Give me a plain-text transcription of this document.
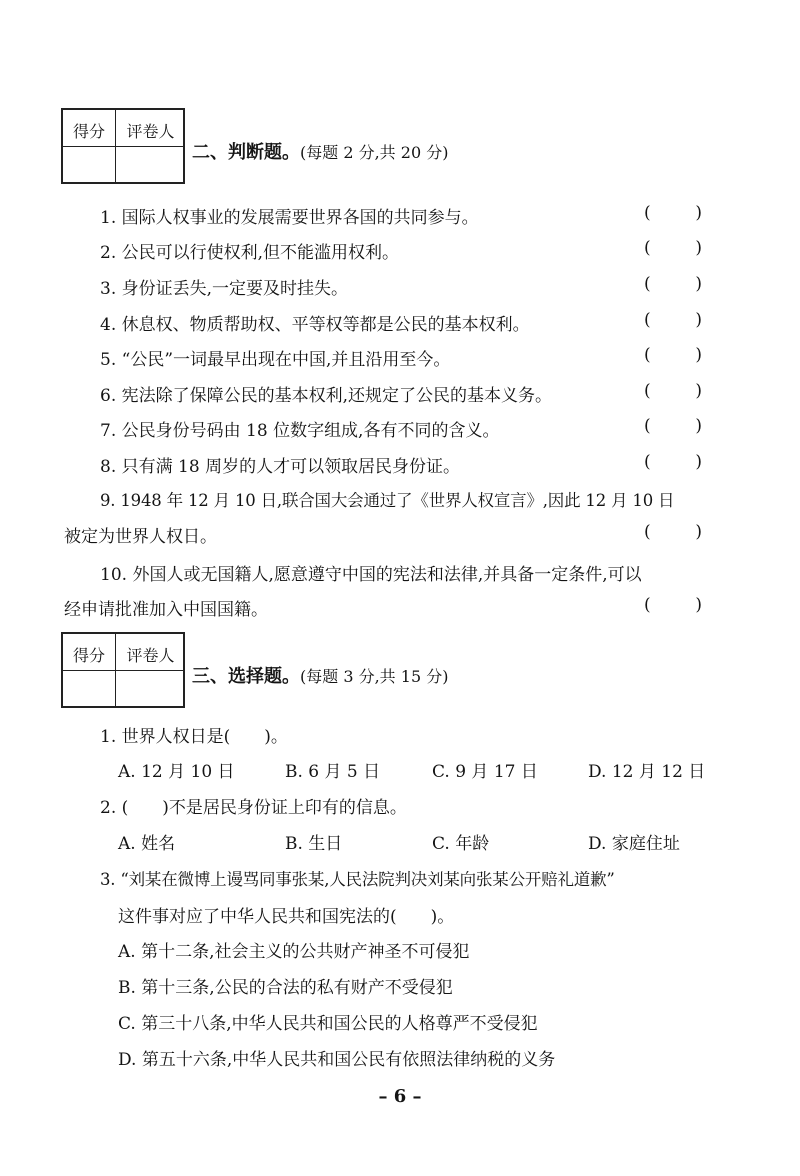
得分	评卷人
二、判断题。(每题 2 分,共 20 分)
1. 国际人权事业的发展需要世界各国的共同参与。	(	)
2. 公民可以行使权利,但不能滥用权利。	(	)
3. 身份证丢失,一定要及时挂失。	(	)
4. 休息权、物质帮助权、平等权等都是公民的基本权利。	(	)
5. “公民”一词最早出现在中国,并且沿用至今。	(	)
6. 宪法除了保障公民的基本权利,还规定了公民的基本义务。	(	)
7. 公民身份号码由 18 位数字组成,各有不同的含义。	(	)
8. 只有满 18 周岁的人才可以领取居民身份证。	(	)
9. 1948 年 12 月 10 日,联合国大会通过了《世界人权宣言》,因此 12 月 10 日
被定为世界人权日。	(	)
10. 外国人或无国籍人,愿意遵守中国的宪法和法律,并具备一定条件,可以
经申请批准加入中国国籍。	(	)
得分	评卷人
三、选择题。(每题 3 分,共 15 分)
1. 世界人权日是(　　)。
A. 12 月 10 日	B. 6 月 5 日	C. 9 月 17 日	D. 12 月 12 日
2. (　　)不是居民身份证上印有的信息。
A. 姓名	B. 生日	C. 年龄	D. 家庭住址
3. “刘某在微博上谩骂同事张某,人民法院判决刘某向张某公开赔礼道歉”
这件事对应了中华人民共和国宪法的(　　)。
A. 第十二条,社会主义的公共财产神圣不可侵犯
B. 第十三条,公民的合法的私有财产不受侵犯
C. 第三十八条,中华人民共和国公民的人格尊严不受侵犯
D. 第五十六条,中华人民共和国公民有依照法律纳税的义务
– 6 –
